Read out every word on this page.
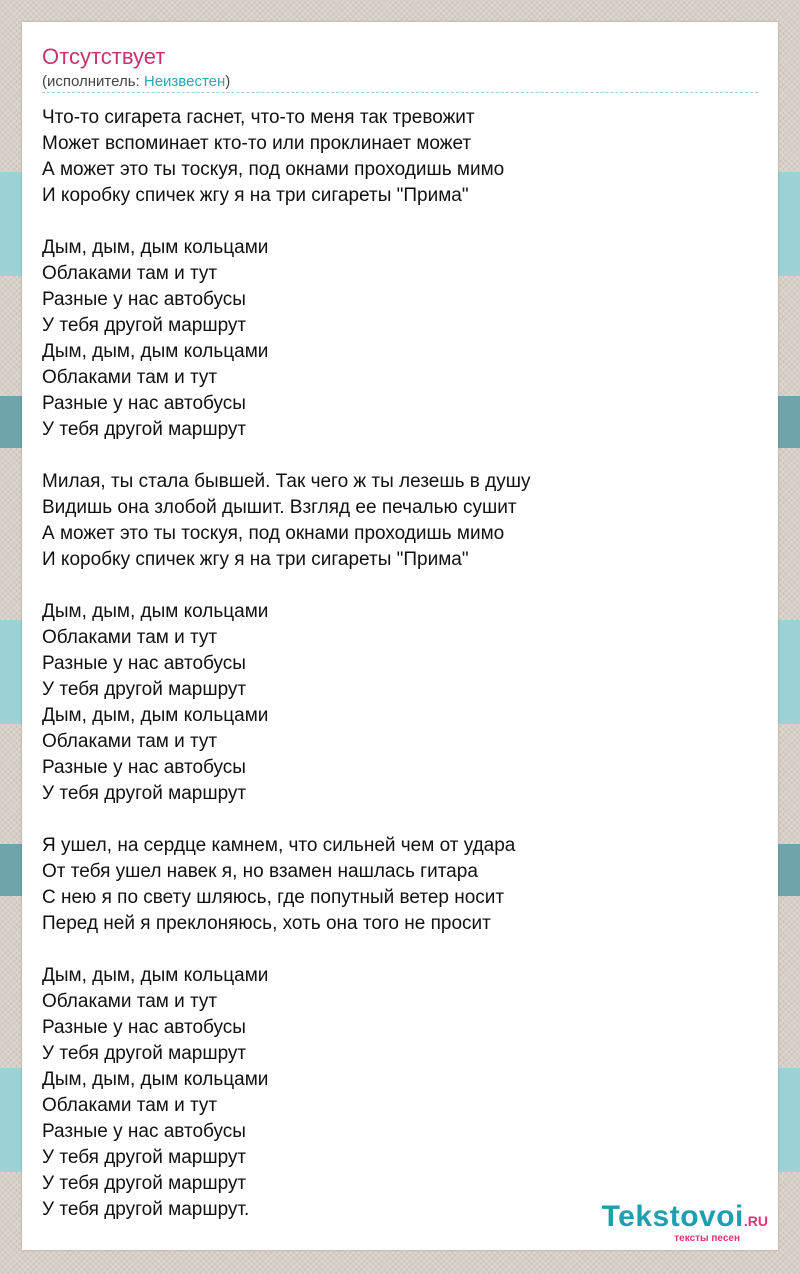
Отсутствует
(исполнитель: Неизвестен)
Что-то сигарета гаснет, что-то меня так тревожит
Может вспоминает кто-то или проклинает может
А может это ты тоскуя, под окнами проходишь мимо
И коробку спичек жгу я на три сигареты "Прима"
Дым, дым, дым кольцами
Облаками там и тут
Разные у нас автобусы
У тебя другой маршрут
Дым, дым, дым кольцами
Облаками там и тут
Разные у нас автобусы
У тебя другой маршрут
Милая, ты стала бывшей. Так чего ж ты лезешь в душу
Видишь она злобой дышит. Взгляд ее печалью сушит
А может это ты тоскуя, под окнами проходишь мимо
И коробку спичек жгу я на три сигареты "Прима"
Дым, дым, дым кольцами
Облаками там и тут
Разные у нас автобусы
У тебя другой маршрут
Дым, дым, дым кольцами
Облаками там и тут
Разные у нас автобусы
У тебя другой маршрут
Я ушел, на сердце камнем, что сильней чем от удара
От тебя ушел навек я, но взамен нашлась гитара
С нею я по свету шляюсь, где попутный ветер носит
Перед ней я преклоняюсь, хоть она того не просит
Дым, дым, дым кольцами
Облаками там и тут
Разные у нас автобусы
У тебя другой маршрут
Дым, дым, дым кольцами
Облаками там и тут
Разные у нас автобусы
У тебя другой маршрут
У тебя другой маршрут
У тебя другой маршрут.	Tekstovoi.RU
тексты песен
